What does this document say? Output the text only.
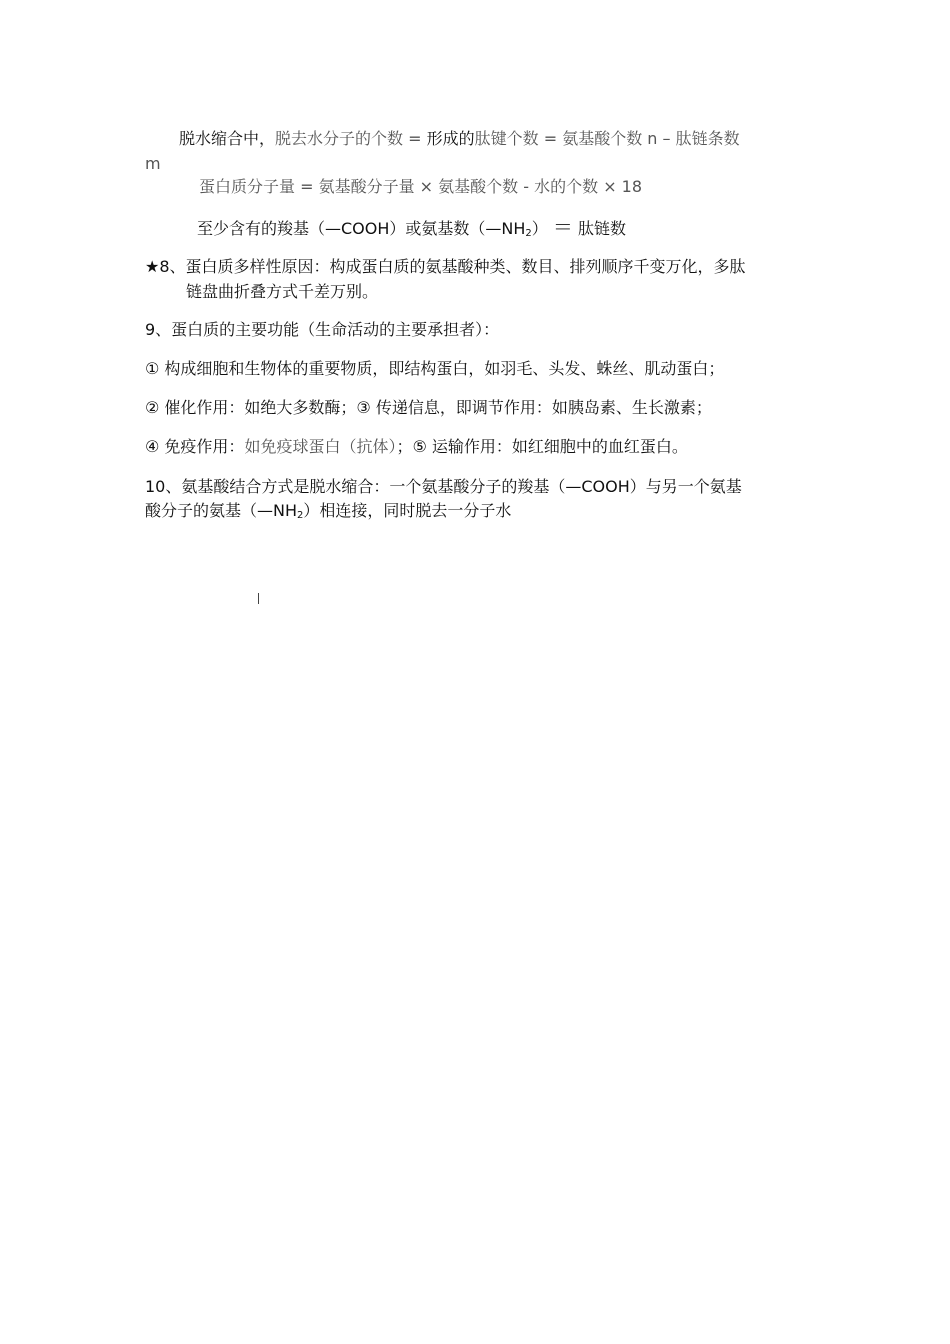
脱水缩合中，脱去水分子的个数 = 形成的肽键个数 = 氨基酸个数 n – 肽链条数
m
蛋白质分子量 = 氨基酸分子量 × 氨基酸个数 - 水的个数 × 18
至少含有的羧基（—COOH）或氨基数$(—NH_2)$ ＝ 肽链数
★8、蛋白质多样性原因：构成蛋白质的氨基酸种类、数目、排列顺序千变万化，多肽
链盘曲折叠方式千差万别。
9、蛋白质的主要功能（生命活动的主要承担者）：
① 构成细胞和生物体的重要物质，即结构蛋白，如羽毛、头发、蛛丝、肌动蛋白；
② 催化作用：如绝大多数酶；③ 传递信息，即调节作用：如胰岛素、生长激素；
④ 免疫作用：如免疫球蛋白（抗体）；⑤ 运输作用：如红细胞中的血红蛋白。
10、氨基酸结合方式是脱水缩合：一个氨基酸分子的羧基（—COOH）与另一个氨基
酸分子的氨基$(—NH_2)$相连接，同时脱去一分子水
